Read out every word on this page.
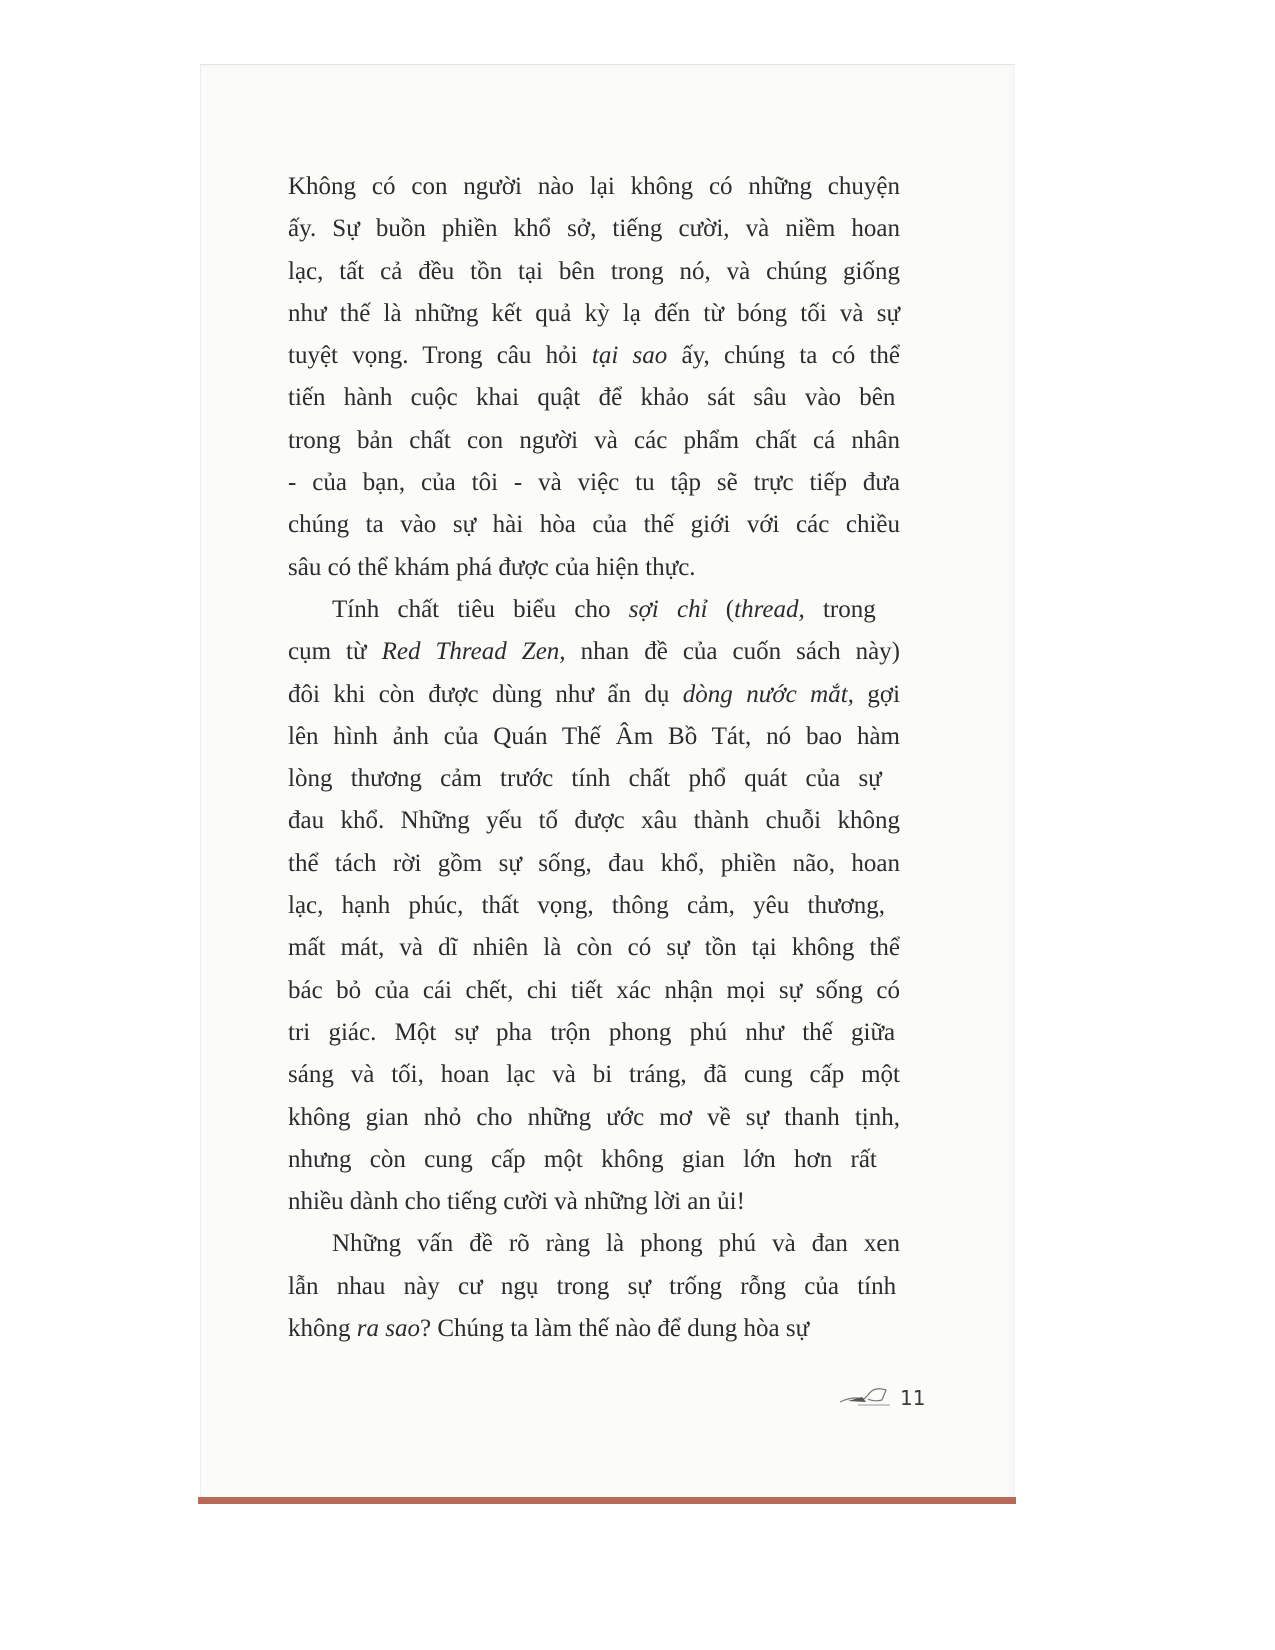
Không có con người nào lại không có những chuyện
ấy. Sự buồn phiền khổ sở, tiếng cười, và niềm hoan
lạc, tất cả đều tồn tại bên trong nó, và chúng giống
như thế là những kết quả kỳ lạ đến từ bóng tối và sự
tuyệt vọng. Trong câu hỏi tại sao ấy, chúng ta có thể
tiến hành cuộc khai quật để khảo sát sâu vào bên
trong bản chất con người và các phẩm chất cá nhân
- của bạn, của tôi - và việc tu tập sẽ trực tiếp đưa
chúng ta vào sự hài hòa của thế giới với các chiều
sâu có thể khám phá được của hiện thực.
Tính chất tiêu biểu cho sợi chỉ (thread, trong
cụm từ Red Thread Zen, nhan đề của cuốn sách này)
đôi khi còn được dùng như ẩn dụ dòng nước mắt, gợi
lên hình ảnh của Quán Thế Âm Bồ Tát, nó bao hàm
lòng thương cảm trước tính chất phổ quát của sự
đau khổ. Những yếu tố được xâu thành chuỗi không
thể tách rời gồm sự sống, đau khổ, phiền não, hoan
lạc, hạnh phúc, thất vọng, thông cảm, yêu thương,
mất mát, và dĩ nhiên là còn có sự tồn tại không thể
bác bỏ của cái chết, chi tiết xác nhận mọi sự sống có
tri giác. Một sự pha trộn phong phú như thế giữa
sáng và tối, hoan lạc và bi tráng, đã cung cấp một
không gian nhỏ cho những ước mơ về sự thanh tịnh,
nhưng còn cung cấp một không gian lớn hơn rất
nhiều dành cho tiếng cười và những lời an ủi!
Những vấn đề rõ ràng là phong phú và đan xen
lẫn nhau này cư ngụ trong sự trống rỗng của tính
không ra sao? Chúng ta làm thế nào để dung hòa sự
11
